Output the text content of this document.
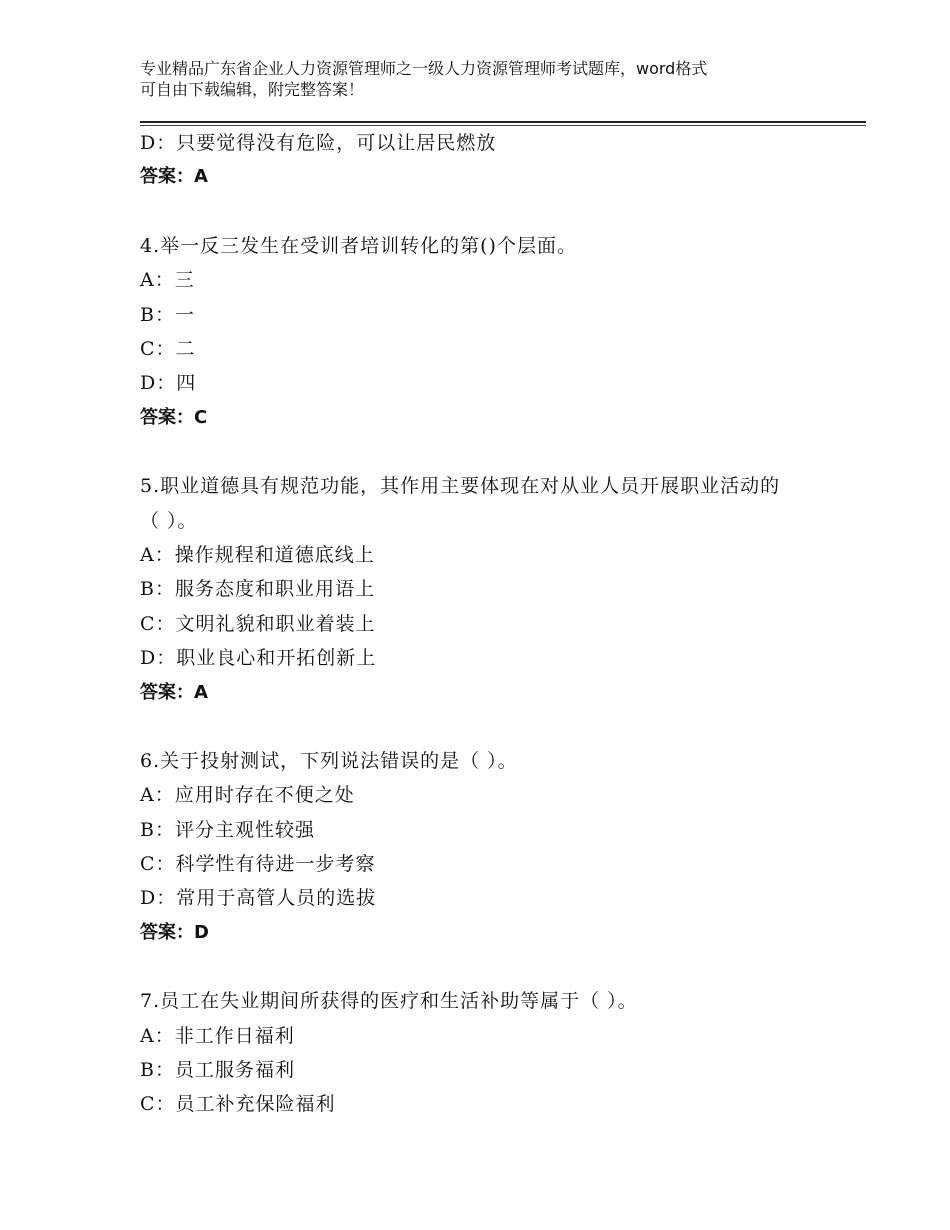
专业精品广东省企业人力资源管理师之一级人力资源管理师考试题库，word格式
可自由下载编辑，附完整答案！
D：只要觉得没有危险，可以让居民燃放
答案：A
4.举一反三发生在受训者培训转化的第()个层面。
A：三
B：一
C：二
D：四
答案：C
5.职业道德具有规范功能，其作用主要体现在对从业人员开展职业活动的（ ）。
A：操作规程和道德底线上
B：服务态度和职业用语上
C：文明礼貌和职业着装上
D：职业良心和开拓创新上
答案：A
6.关于投射测试，下列说法错误的是（ ）。
A：应用时存在不便之处
B：评分主观性较强
C：科学性有待进一步考察
D：常用于高管人员的选拔
答案：D
7.员工在失业期间所获得的医疗和生活补助等属于（ ）。
A：非工作日福利
B：员工服务福利
C：员工补充保险福利
